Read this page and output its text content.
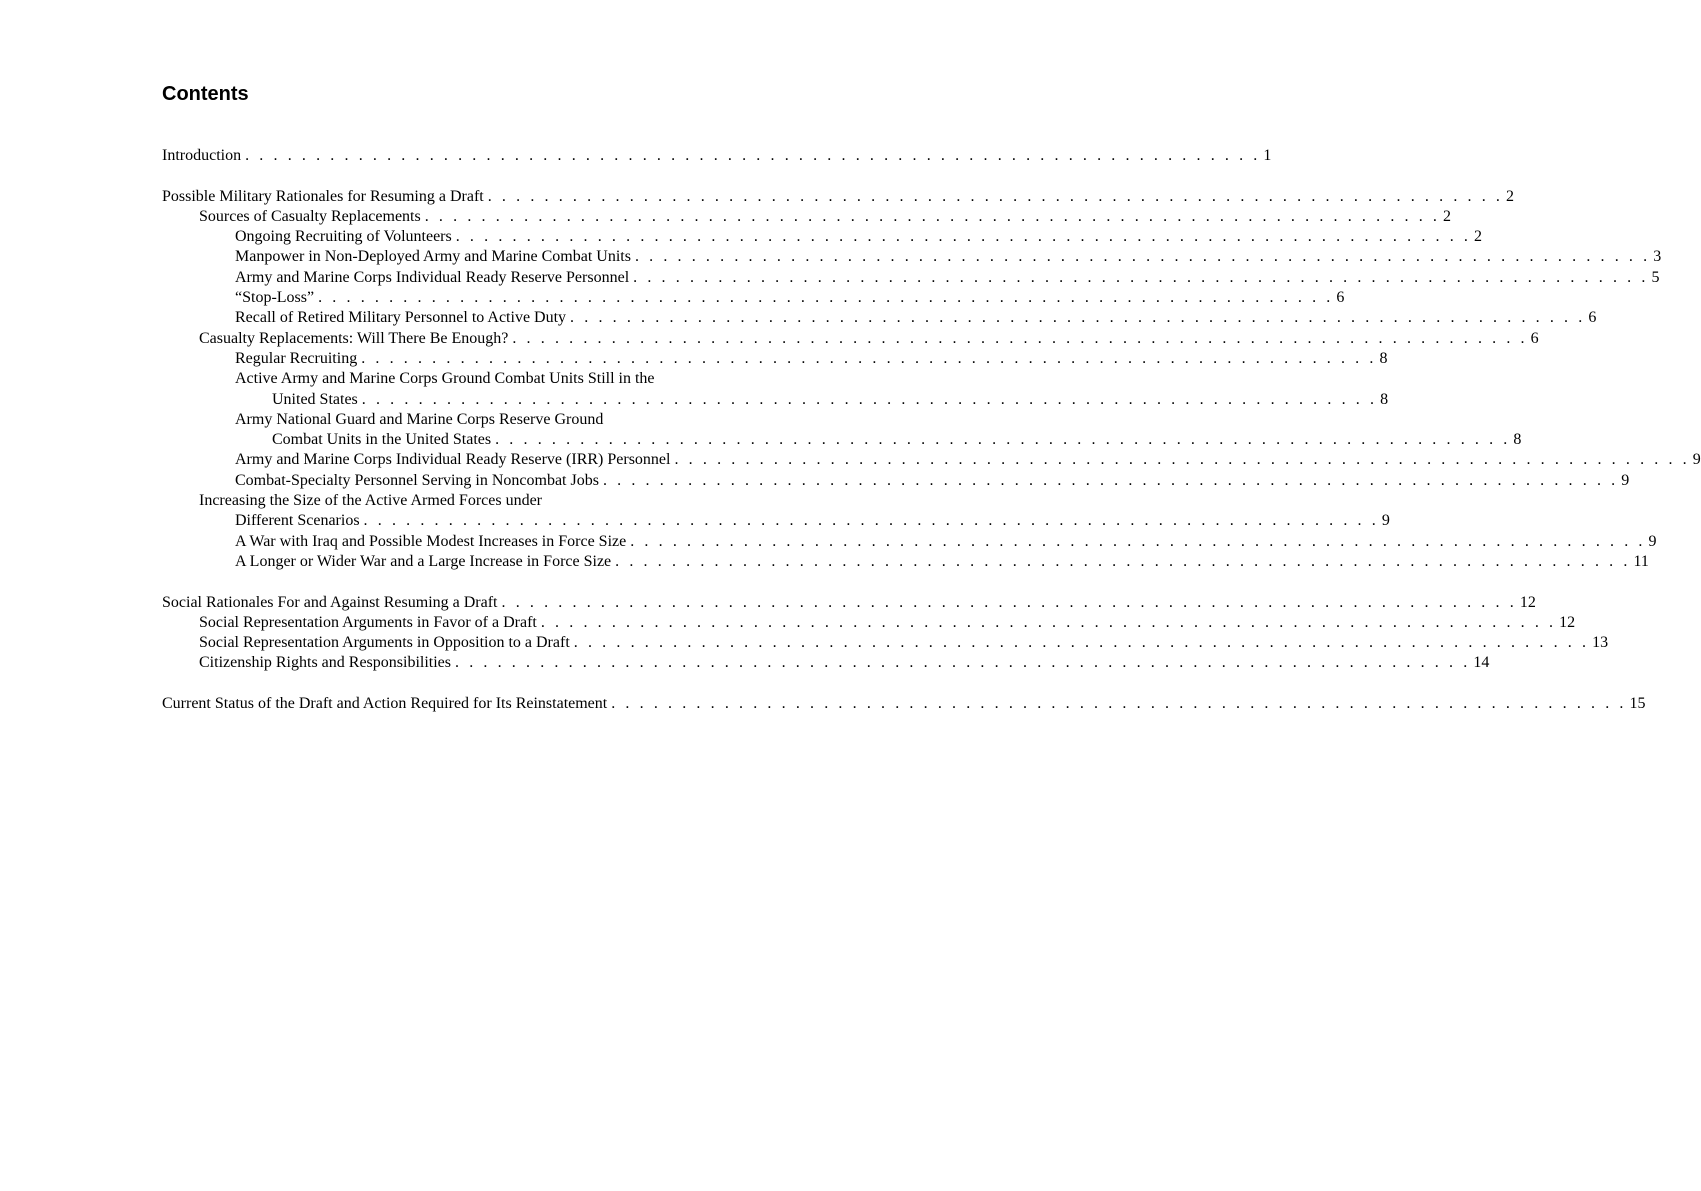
Contents
Introduction . . . . . . . . . . . . . . . . . . . . . . . . . . . . . . . . . . . . . . . . . . . . . . . . . . . . . . . . . . . . . . . . . . . . . . . . 1
Possible Military Rationales for Resuming a Draft . . . . . . . . . . . . . . . . . . . . . . . . . . . . . . . . . . . . . . . . . . . . . . . . . . . . . . . . . . . . . . . . . . . . . . . . 2
Sources of Casualty Replacements . . . . . . . . . . . . . . . . . . . . . . . . . . . . . . . . . . . . . . . . . . . . . . . . . . . . . . . . . . . . . . . . . . . . . . . . 2
Ongoing Recruiting of Volunteers . . . . . . . . . . . . . . . . . . . . . . . . . . . . . . . . . . . . . . . . . . . . . . . . . . . . . . . . . . . . . . . . . . . . . . . . 2
Manpower in Non-Deployed Army and Marine Combat Units . . . . . . . . . . . . . . . . . . . . . . . . . . . . . . . . . . . . . . . . . . . . . . . . . . . . . . . . . . . . . . . . . . . . . . . . 3
Army and Marine Corps Individual Ready Reserve Personnel . . . . . . . . . . . . . . . . . . . . . . . . . . . . . . . . . . . . . . . . . . . . . . . . . . . . . . . . . . . . . . . . . . . . . . . . 5
“Stop-Loss” . . . . . . . . . . . . . . . . . . . . . . . . . . . . . . . . . . . . . . . . . . . . . . . . . . . . . . . . . . . . . . . . . . . . . . . . 6
Recall of Retired Military Personnel to Active Duty . . . . . . . . . . . . . . . . . . . . . . . . . . . . . . . . . . . . . . . . . . . . . . . . . . . . . . . . . . . . . . . . . . . . . . . . 6
Casualty Replacements: Will There Be Enough? . . . . . . . . . . . . . . . . . . . . . . . . . . . . . . . . . . . . . . . . . . . . . . . . . . . . . . . . . . . . . . . . . . . . . . . . 6
Regular Recruiting . . . . . . . . . . . . . . . . . . . . . . . . . . . . . . . . . . . . . . . . . . . . . . . . . . . . . . . . . . . . . . . . . . . . . . . . 8
Active Army and Marine Corps Ground Combat Units Still in the
United States . . . . . . . . . . . . . . . . . . . . . . . . . . . . . . . . . . . . . . . . . . . . . . . . . . . . . . . . . . . . . . . . . . . . . . . . 8
Army National Guard and Marine Corps Reserve Ground
Combat Units in the United States . . . . . . . . . . . . . . . . . . . . . . . . . . . . . . . . . . . . . . . . . . . . . . . . . . . . . . . . . . . . . . . . . . . . . . . . 8
Army and Marine Corps Individual Ready Reserve (IRR) Personnel . . . . . . . . . . . . . . . . . . . . . . . . . . . . . . . . . . . . . . . . . . . . . . . . . . . . . . . . . . . . . . . . . . . . . . . . 9
Combat-Specialty Personnel Serving in Noncombat Jobs . . . . . . . . . . . . . . . . . . . . . . . . . . . . . . . . . . . . . . . . . . . . . . . . . . . . . . . . . . . . . . . . . . . . . . . . 9
Increasing the Size of the Active Armed Forces under
Different Scenarios . . . . . . . . . . . . . . . . . . . . . . . . . . . . . . . . . . . . . . . . . . . . . . . . . . . . . . . . . . . . . . . . . . . . . . . . 9
A War with Iraq and Possible Modest Increases in Force Size . . . . . . . . . . . . . . . . . . . . . . . . . . . . . . . . . . . . . . . . . . . . . . . . . . . . . . . . . . . . . . . . . . . . . . . . 9
A Longer or Wider War and a Large Increase in Force Size . . . . . . . . . . . . . . . . . . . . . . . . . . . . . . . . . . . . . . . . . . . . . . . . . . . . . . . . . . . . . . . . . . . . . . . . 11
Social Rationales For and Against Resuming a Draft . . . . . . . . . . . . . . . . . . . . . . . . . . . . . . . . . . . . . . . . . . . . . . . . . . . . . . . . . . . . . . . . . . . . . . . . 12
Social Representation Arguments in Favor of a Draft . . . . . . . . . . . . . . . . . . . . . . . . . . . . . . . . . . . . . . . . . . . . . . . . . . . . . . . . . . . . . . . . . . . . . . . . 12
Social Representation Arguments in Opposition to a Draft . . . . . . . . . . . . . . . . . . . . . . . . . . . . . . . . . . . . . . . . . . . . . . . . . . . . . . . . . . . . . . . . . . . . . . . . 13
Citizenship Rights and Responsibilities . . . . . . . . . . . . . . . . . . . . . . . . . . . . . . . . . . . . . . . . . . . . . . . . . . . . . . . . . . . . . . . . . . . . . . . . 14
Current Status of the Draft and Action Required for Its Reinstatement . . . . . . . . . . . . . . . . . . . . . . . . . . . . . . . . . . . . . . . . . . . . . . . . . . . . . . . . . . . . . . . . . . . . . . . . 15
